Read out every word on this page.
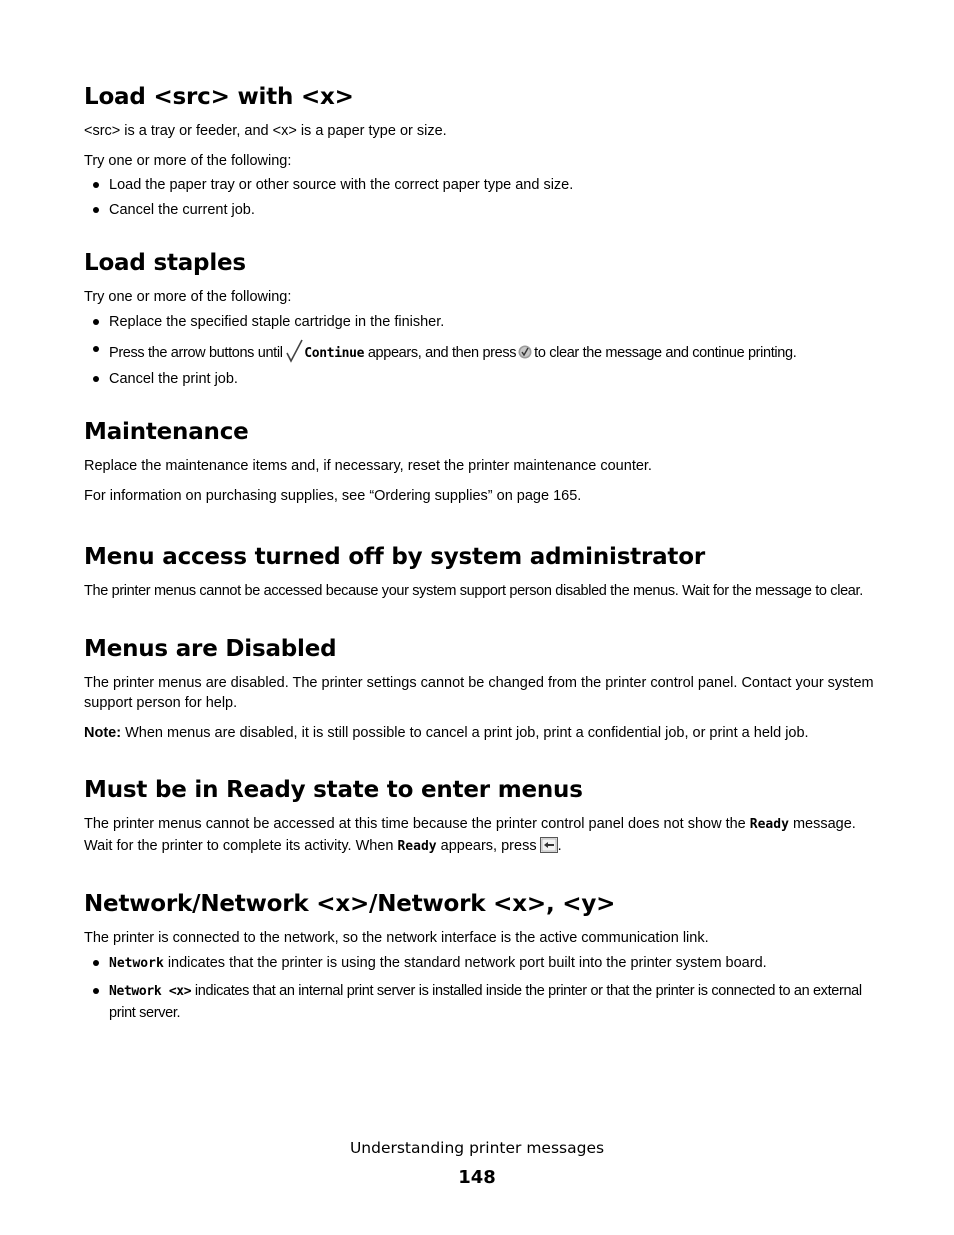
Load <src> with <x>

<src> is a tray or feeder, and <x> is a paper type or size.

Try one or more of the following:

Load the paper tray or other source with the correct paper type and size.
Cancel the current job.
Load staples

Try one or more of the following:

Replace the specified staple cartridge in the finisher.
Press the arrow buttons until Continue appears, and then press to clear the message and continue printing.
Cancel the print job.
Maintenance

Replace the maintenance items and, if necessary, reset the printer maintenance counter.

For information on purchasing supplies, see “Ordering supplies” on page 165.

Menu access turned off by system administrator

The printer menus cannot be accessed because your system support person disabled the menus. Wait for the message to clear.

Menus are Disabled

The printer menus are disabled. The printer settings cannot be changed from the printer control panel. Contact your system support person for help.

Note: When menus are disabled, it is still possible to cancel a print job, print a confidential job, or print a held job.

Must be in Ready state to enter menus

The printer menus cannot be accessed at this time because the printer control panel does not show the Ready message. Wait for the printer to complete its activity. When Ready appears, press .

Network/Network <x>/Network <x>, <y>

The printer is connected to the network, so the network interface is the active communication link.

Network indicates that the printer is using the standard network port built into the printer system board.
Network <x> indicates that an internal print server is installed inside the printer or that the printer is connected to an external print server.
Understanding printer messages
148
